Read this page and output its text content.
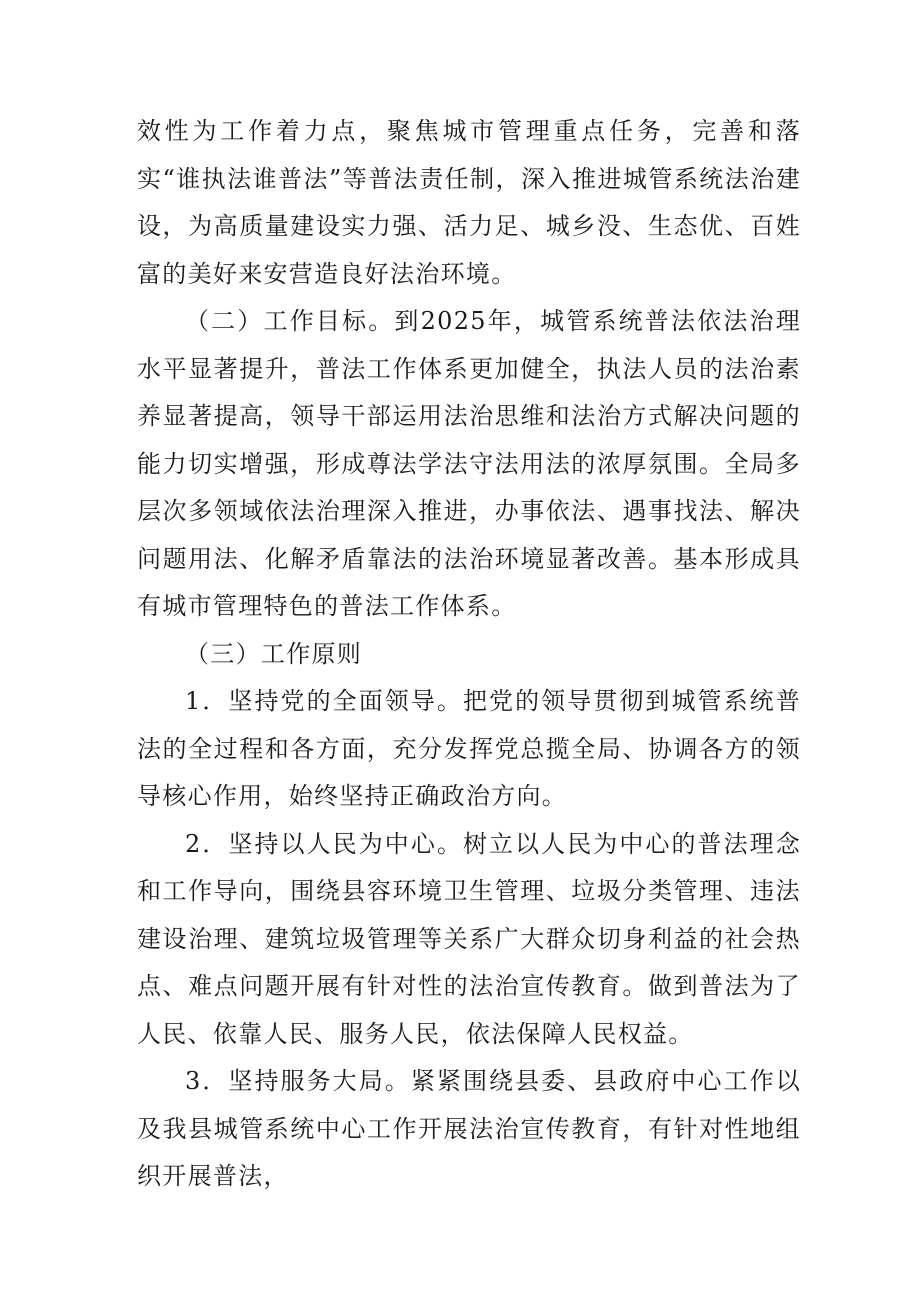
效性为工作着力点，聚焦城市管理重点任务，完善和落实“谁执法谁普法”等普法责任制，深入推进城管系统法治建设，为高质量建设实力强、活力足、城乡没、生态优、百姓富的美好来安营造良好法治环境。

（二）工作目标。到2025年，城管系统普法依法治理水平显著提升，普法工作体系更加健全，执法人员的法治素养显著提高，领导干部运用法治思维和法治方式解决问题的能力切实增强，形成尊法学法守法用法的浓厚氛围。全局多层次多领域依法治理深入推进，办事依法、遇事找法、解决问题用法、化解矛盾靠法的法治环境显著改善。基本形成具有城市管理特色的普法工作体系。

（三）工作原则

1．坚持党的全面领导。把党的领导贯彻到城管系统普法的全过程和各方面，充分发挥党总揽全局、协调各方的领导核心作用，始终坚持正确政治方向。

2．坚持以人民为中心。树立以人民为中心的普法理念和工作导向，围绕县容环境卫生管理、垃圾分类管理、违法建设治理、建筑垃圾管理等关系广大群众切身利益的社会热点、难点问题开展有针对性的法治宣传教育。做到普法为了人民、依靠人民、服务人民，依法保障人民权益。

3．坚持服务大局。紧紧围绕县委、县政府中心工作以及我县城管系统中心工作开展法治宣传教育，有针对性地组织开展普法，
